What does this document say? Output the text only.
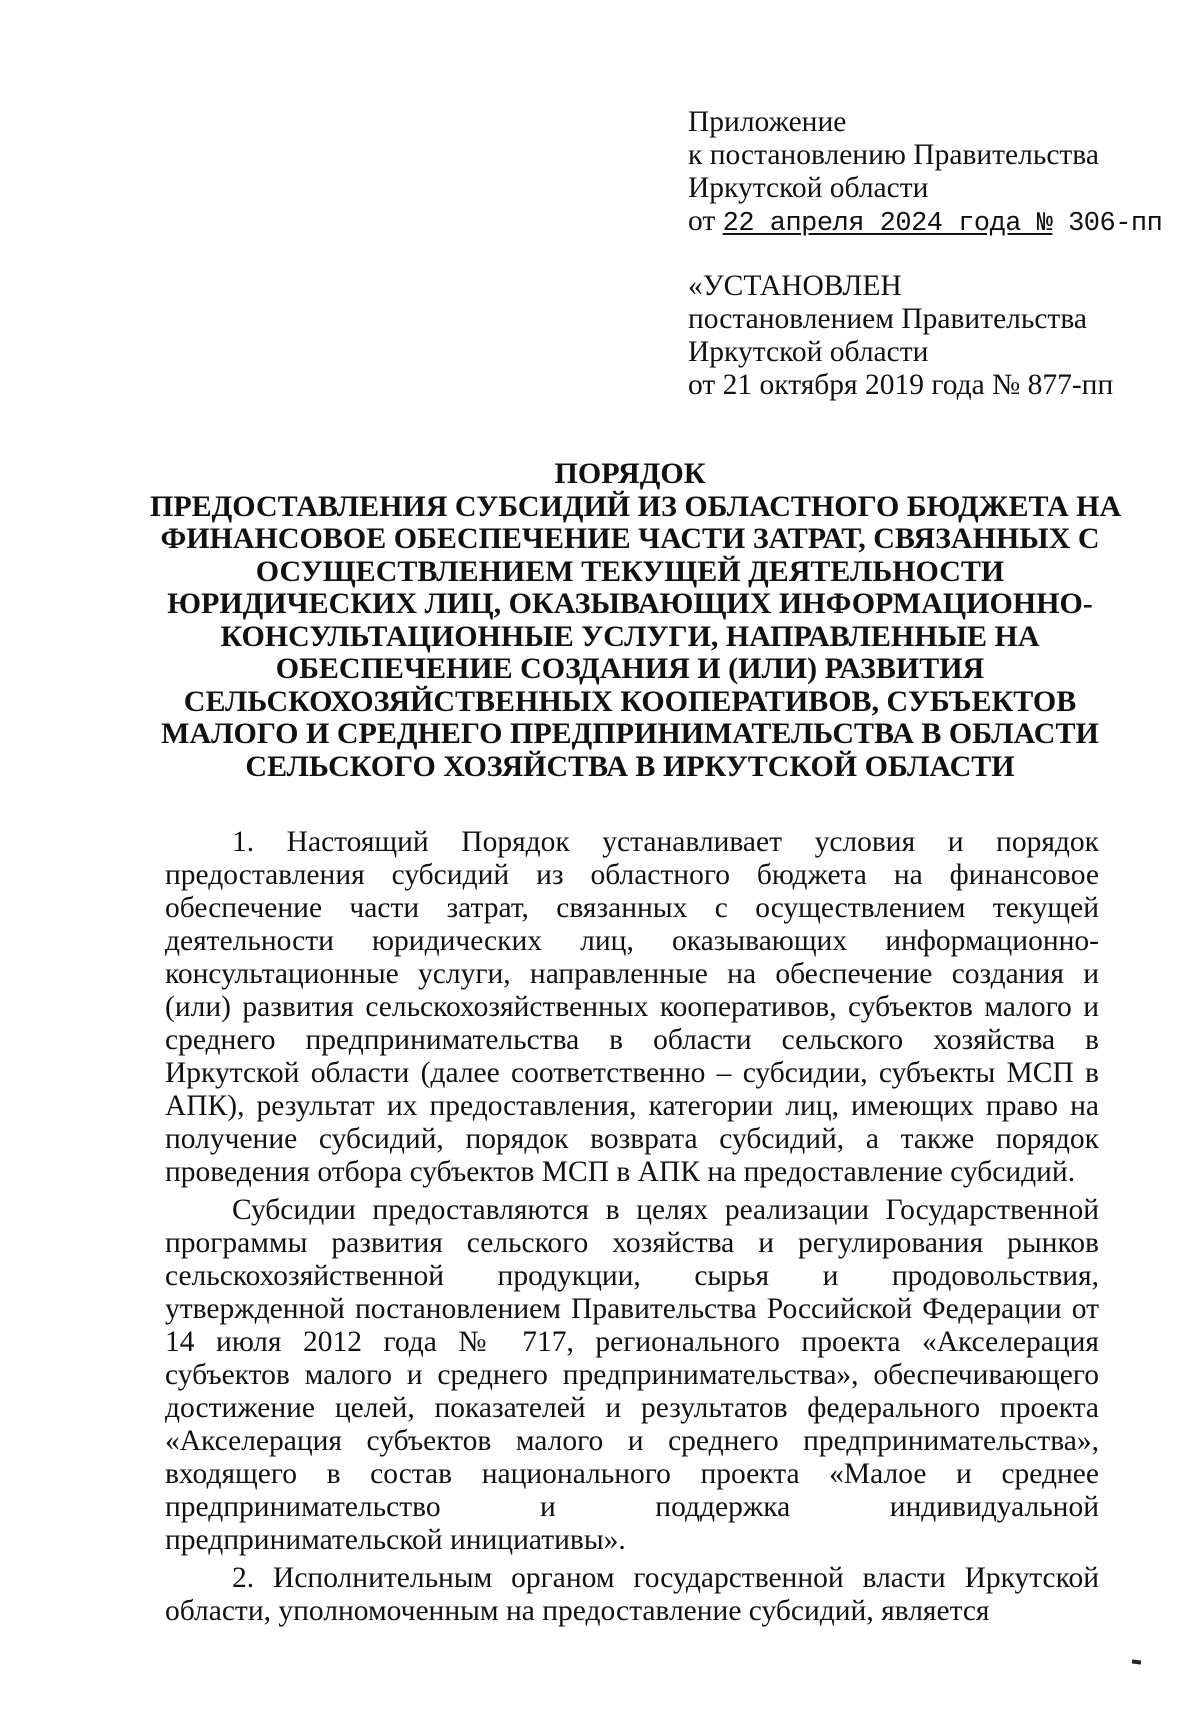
Приложение
к постановлению Правительства
Иркутской области
от 22 апреля 2024 года № 306-пп
«УСТАНОВЛЕН
постановлением Правительства
Иркутской области
от 21 октября 2019 года № 877-пп
ПОРЯДОК
ПРЕДОСТАВЛЕНИЯ СУБСИДИЙ ИЗ ОБЛАСТНОГО БЮДЖЕТА НА
ФИНАНСОВОЕ ОБЕСПЕЧЕНИЕ ЧАСТИ ЗАТРАТ, СВЯЗАННЫХ С
ОСУЩЕСТВЛЕНИЕМ ТЕКУЩЕЙ ДЕЯТЕЛЬНОСТИ
ЮРИДИЧЕСКИХ ЛИЦ, ОКАЗЫВАЮЩИХ ИНФОРМАЦИОННО-
КОНСУЛЬТАЦИОННЫЕ УСЛУГИ, НАПРАВЛЕННЫЕ НА
ОБЕСПЕЧЕНИЕ СОЗДАНИЯ И (ИЛИ) РАЗВИТИЯ
СЕЛЬСКОХОЗЯЙСТВЕННЫХ КООПЕРАТИВОВ, СУБЪЕКТОВ
МАЛОГО И СРЕДНЕГО ПРЕДПРИНИМАТЕЛЬСТВА В ОБЛАСТИ
СЕЛЬСКОГО ХОЗЯЙСТВА В ИРКУТСКОЙ ОБЛАСТИ

1. Настоящий Порядок устанавливает условия и порядок предоставления субсидий из областного бюджета на финансовое обеспечение части затрат, связанных с осуществлением текущей деятельности юридических лиц, оказывающих информационно-консультационные услуги, направленные на обеспечение создания и (или) развития сельскохозяйственных кооперативов, субъектов малого и среднего предпринимательства в области сельского хозяйства в Иркутской области (далее соответственно – субсидии, субъекты МСП в АПК), результат их предоставления, категории лиц, имеющих право на получение субсидий, порядок возврата субсидий, а также порядок проведения отбора субъектов МСП в АПК на предоставление субсидий.

Субсидии предоставляются в целях реализации Государственной программы развития сельского хозяйства и регулирования рынков сельскохозяйственной продукции, сырья и продовольствия, утвержденной постановлением Правительства Российской Федерации от 14 июля 2012 года № 717, регионального проекта «Акселерация субъектов малого и среднего предпринимательства», обеспечивающего достижение целей, показателей и результатов федерального проекта «Акселерация субъектов малого и среднего предпринимательства», входящего в состав национального проекта «Малое и среднее предпринимательство и поддержка индивидуальной предпринимательской инициативы».

2. Исполнительным органом государственной власти Иркутской области, уполномоченным на предоставление субсидий, является
